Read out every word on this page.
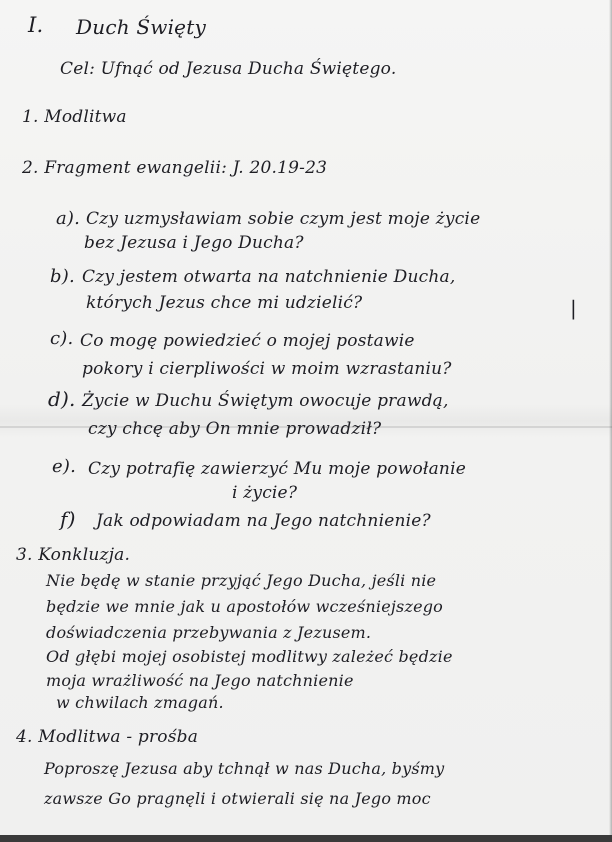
I. Duch Święty
Cel: Ufnąć od Jezusa Ducha Świętego.
1. Modlitwa
2. Fragment ewangelii: J. 20.19-23
a). Czy uzmysławiam sobie czym jest moje życie
bez Jezusa i Jego Ducha?
b). Czy jestem otwarta na natchnienie Ducha,
których Jezus chce mi udzielić?	|
c). Co mogę powiedzieć o mojej postawie
pokory i cierpliwości w moim wzrastaniu?
d). Życie w Duchu Świętym owocuje prawdą,
czy chcę aby On mnie prowadził?
e). Czy potrafię zawierzyć Mu moje powołanie
i życie?
f) Jak odpowiadam na Jego natchnienie?
3. Konkluzja.
Nie będę w stanie przyjąć Jego Ducha, jeśli nie
będzie we mnie jak u apostołów wcześniejszego
doświadczenia przebywania z Jezusem.
Od głębi mojej osobistej modlitwy zależeć będzie
moja wrażliwość na Jego natchnienie
w chwilach zmagań.
4. Modlitwa - prośba
Poproszę Jezusa aby tchnął w nas Ducha, byśmy
zawsze Go pragnęli i otwierali się na Jego moc
